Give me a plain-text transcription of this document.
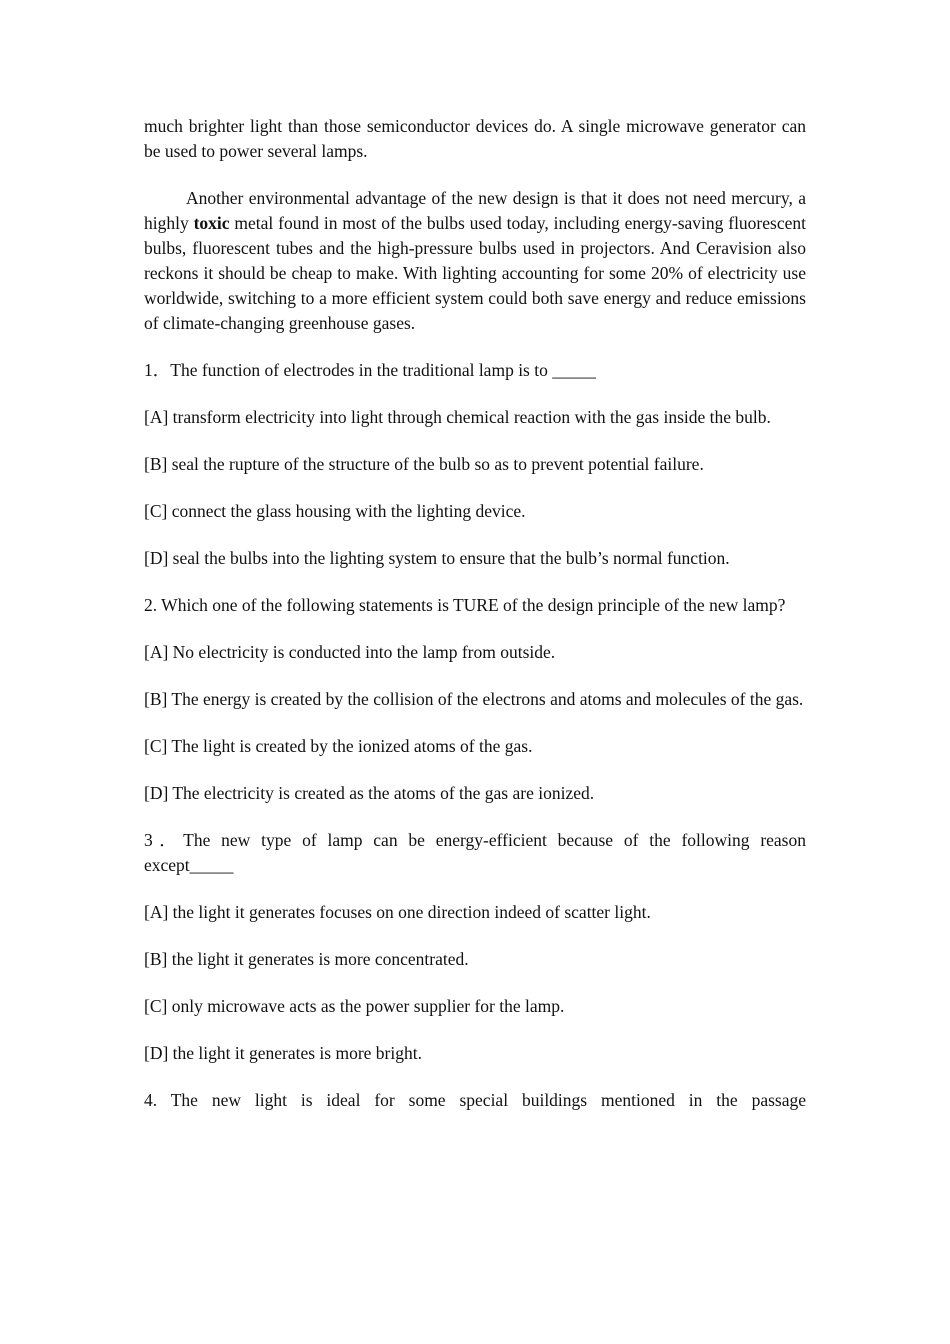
much brighter light than those semiconductor devices do. A single microwave generator can be used to power several lamps.

Another environmental advantage of the new design is that it does not need mercury, a highly toxic metal found in most of the bulbs used today, including energy-saving fluorescent bulbs, fluorescent tubes and the high-pressure bulbs used in projectors. And Ceravision also reckons it should be cheap to make. With lighting accounting for some 20% of electricity use worldwide, switching to a more efficient system could both save energy and reduce emissions of climate-changing greenhouse gases.

1．The function of electrodes in the traditional lamp is to _____

[A] transform electricity into light through chemical reaction with the gas inside the bulb.

[B] seal the rupture of the structure of the bulb so as to prevent potential failure.

[C] connect the glass housing with the lighting device.

[D] seal the bulbs into the lighting system to ensure that the bulb’s normal function.

2. Which one of the following statements is TURE of the design principle of the new lamp?

[A] No electricity is conducted into the lamp from outside.

[B] The energy is created by the collision of the electrons and atoms and molecules of the gas.

[C] The light is created by the ionized atoms of the gas.

[D] The electricity is created as the atoms of the gas are ionized.

3．The new type of lamp can be energy-efficient because of the following reason except_____

[A] the light it generates focuses on one direction indeed of scatter light.

[B] the light it generates is more concentrated.

[C] only microwave acts as the power supplier for the lamp.

[D] the light it generates is more bright.

4. The new light is ideal for some special buildings mentioned in the passage
